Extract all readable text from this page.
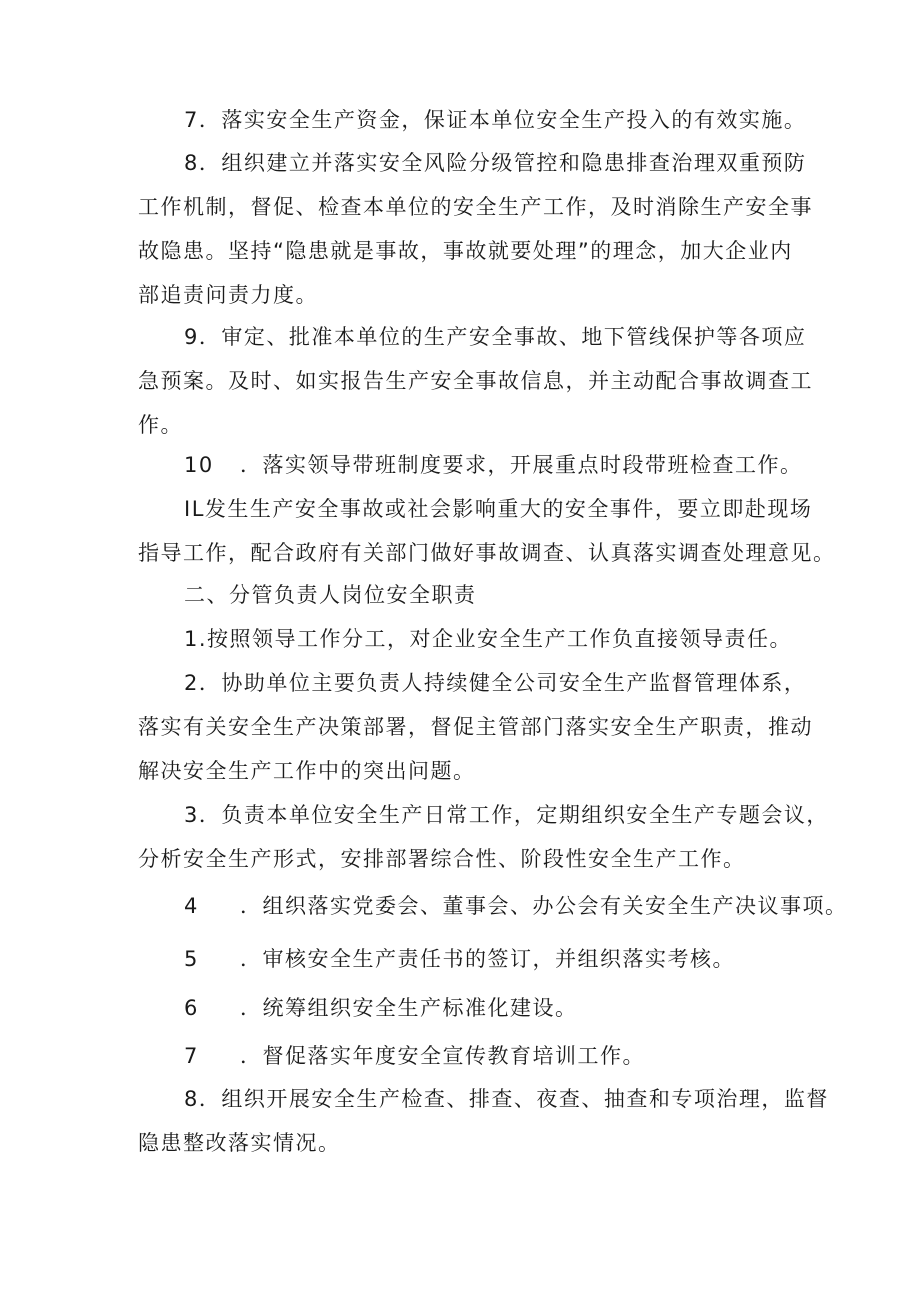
7．落实安全生产资金，保证本单位安全生产投入的有效实施。
8．组织建立并落实安全风险分级管控和隐患排查治理双重预防
工作机制，督促、检查本单位的安全生产工作，及时消除生产安全事
故隐患。坚持“隐患就是事故，事故就要处理”的理念，加大企业内
部追责问责力度。
9．审定、批准本单位的生产安全事故、地下管线保护等各项应
急预案。及时、如实报告生产安全事故信息，并主动配合事故调查工
作。
10 ．落实领导带班制度要求，开展重点时段带班检查工作。
IL发生生产安全事故或社会影响重大的安全事件，要立即赴现场
指导工作，配合政府有关部门做好事故调查、认真落实调查处理意见。
二、分管负责人岗位安全职责
1.按照领导工作分工，对企业安全生产工作负直接领导责任。
2．协助单位主要负责人持续健全公司安全生产监督管理体系，
落实有关安全生产决策部署，督促主管部门落实安全生产职责，推动
解决安全生产工作中的突出问题。
3．负责本单位安全生产日常工作，定期组织安全生产专题会议，
分析安全生产形式，安排部署综合性、阶段性安全生产工作。
4 ．组织落实党委会、董事会、办公会有关安全生产决议事项。
5 ．审核安全生产责任书的签订，并组织落实考核。
6 ．统筹组织安全生产标准化建设。
7 ．督促落实年度安全宣传教育培训工作。
8．组织开展安全生产检查、排查、夜查、抽查和专项治理，监督
隐患整改落实情况。
